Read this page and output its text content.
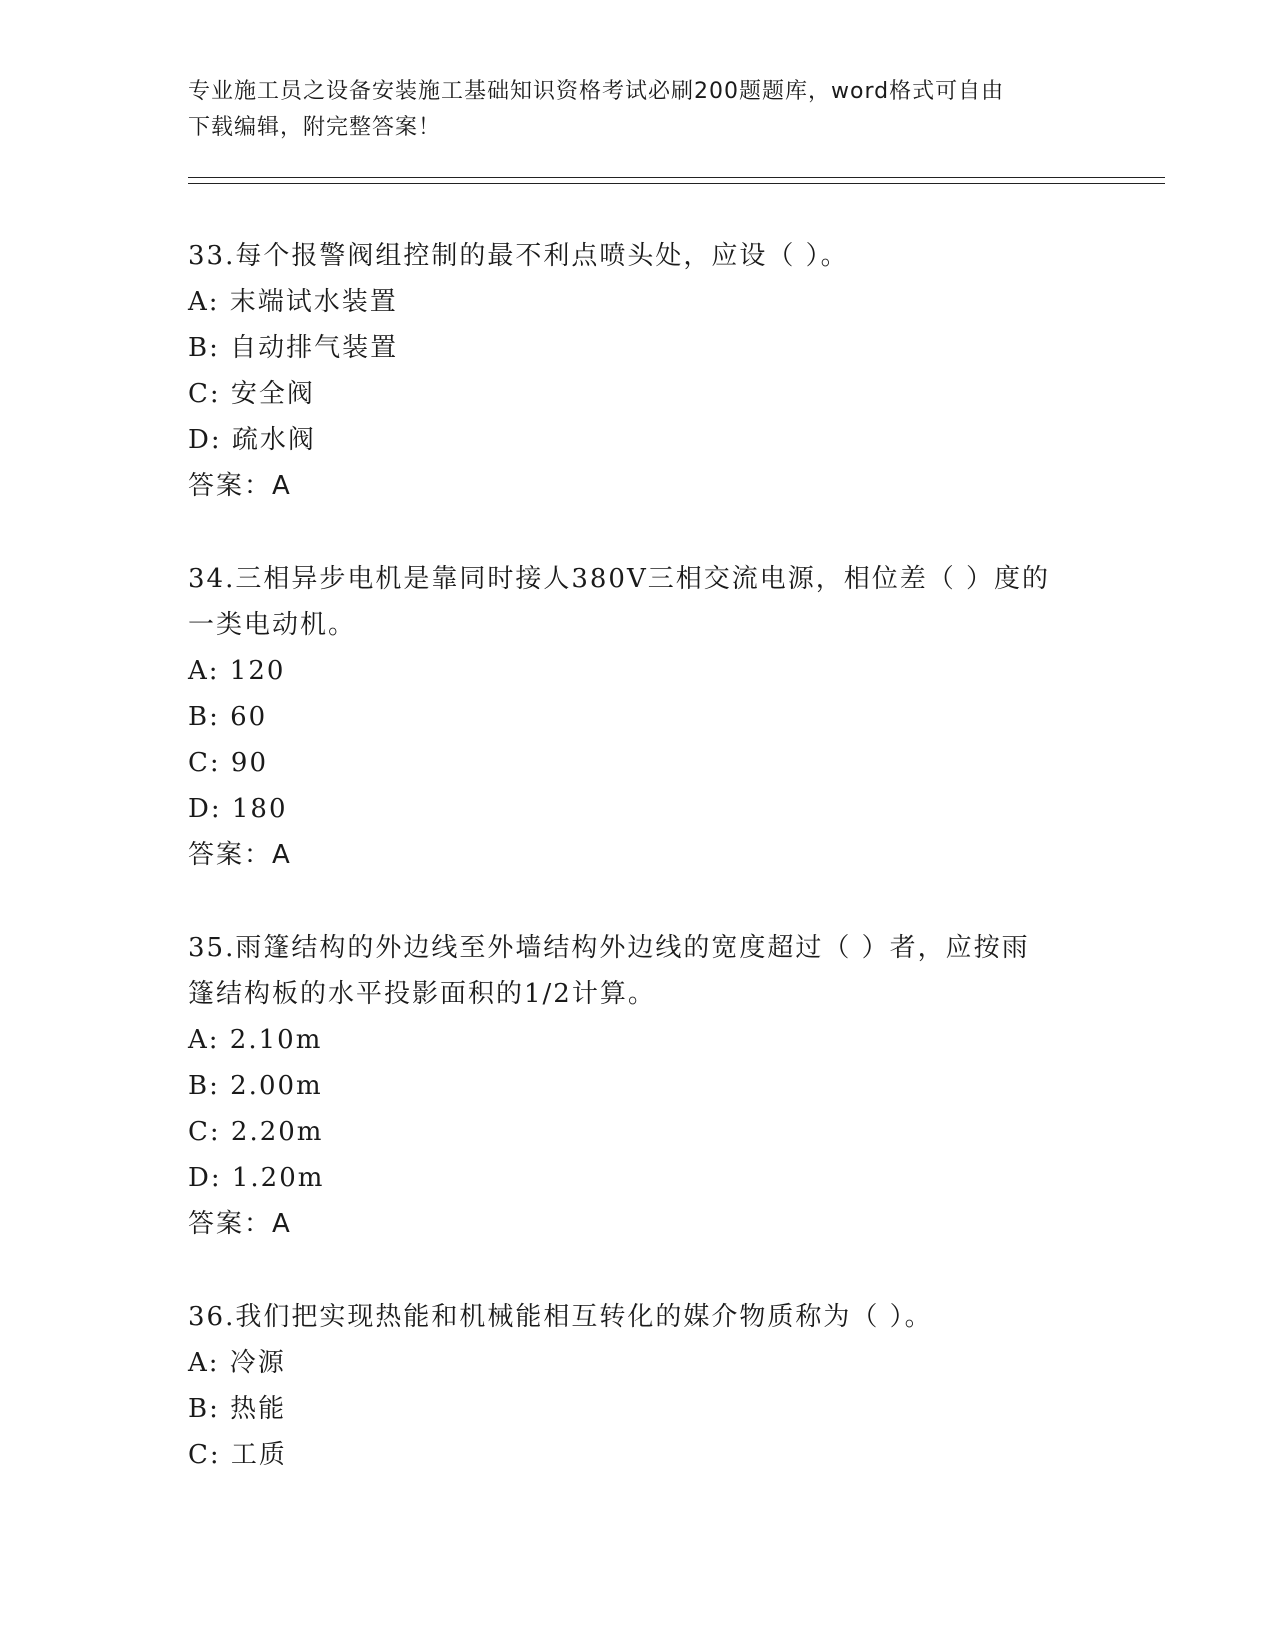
专业施工员之设备安装施工基础知识资格考试必刷200题题库，word格式可自由
下载编辑，附完整答案！

33.每个报警阀组控制的最不利点喷头处，应设（ ）。

A: 末端试水装置

B: 自动排气装置

C: 安全阀

D: 疏水阀

答案：A

34.三相异步电机是靠同时接人380V三相交流电源，相位差（ ）度的

一类电动机。

A: 120

B: 60

C: 90

D: 180

答案：A

35.雨篷结构的外边线至外墙结构外边线的宽度超过（ ）者，应按雨

篷结构板的水平投影面积的1/2计算。

A: 2.10m

B: 2.00m

C: 2.20m

D: 1.20m

答案：A

36.我们把实现热能和机械能相互转化的媒介物质称为（ ）。

A: 冷源

B: 热能

C: 工质
